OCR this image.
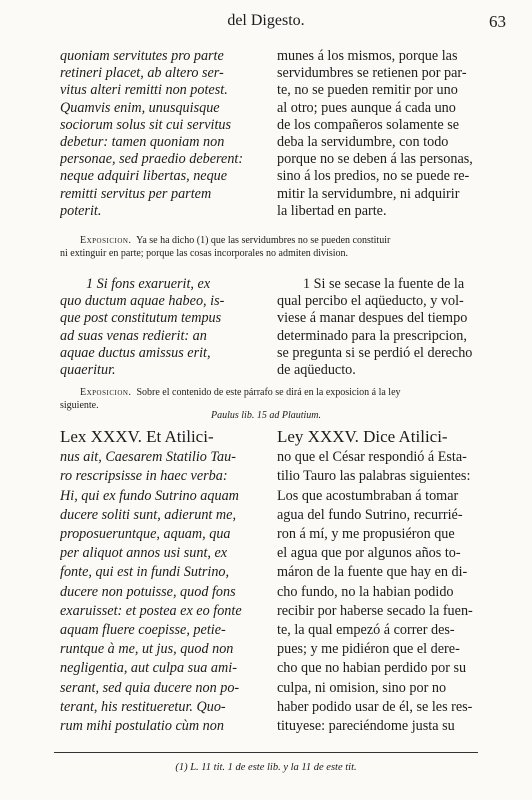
del Digesto.	63
quoniam servitutes pro parte
retineri placet, ab altero ser-
vitus alteri remitti non potest.
Quamvis enim, unusquisque
sociorum solus sit cui servitus
debetur: tamen quoniam non
personae, sed praedio deberent:
neque adquiri libertas, neque
remitti servitus per partem
poterit.
munes á los mismos, porque las
servidumbres se retienen por par-
te, no se pueden remitir por uno
al otro; pues aunque á cada uno
de los compañeros solamente se
deba la servidumbre, con todo
porque no se deben á las personas,
sino á los predios, no se puede re-
mitir la servidumbre, ni adquirir
la libertad en parte.
Exposicion. Ya se ha dicho (1) que las servidumbres no se pueden constituir
ni extinguir en parte; porque las cosas incorporales no admiten division.
1 Si fons exaruerit, ex
quo ductum aquae habeo, is-
que post constitutum tempus
ad suas venas redierit: an
aquae ductus amissus erit,
quaeritur.
1 Si se secase la fuente de la
qual percibo el aqüeducto, y vol-
viese á manar despues del tiempo
determinado para la prescripcion,
se pregunta si se perdió el derecho
de aqüeducto.
Exposicion. Sobre el contenido de este párrafo se dirá en la exposicion á la ley
siguiente.
Paulus lib. 15 ad Plautium.
Lex XXXV. Et Atilici-
nus ait, Caesarem Statilio Tau-
ro rescripsisse in haec verba:
Hi, qui ex fundo Sutrino aquam
ducere soliti sunt, adierunt me,
proposueruntque, aquam, qua
per aliquot annos usi sunt, ex
fonte, qui est in fundi Sutrino,
ducere non potuisse, quod fons
exaruisset: et postea ex eo fonte
aquam fluere coepisse, petie-
runtque à me, ut jus, quod non
negligentia, aut culpa sua ami-
serant, sed quia ducere non po-
terant, his restitueretur. Quo-
rum mihi postulatio cùm non
Ley XXXV. Dice Atilici-
no que el César respondió á Esta-
tilio Tauro las palabras siguientes:
Los que acostumbraban á tomar
agua del fundo Sutrino, recurrié-
ron á mí, y me propusiéron que
el agua que por algunos años to-
máron de la fuente que hay en di-
cho fundo, no la habian podido
recibir por haberse secado la fuen-
te, la qual empezó á correr des-
pues; y me pidiéron que el dere-
cho que no habian perdido por su
culpa, ni omision, sino por no
haber podido usar de él, se les res-
tituyese: pareciéndome justa su
(1) L. 11 tit. 1 de este lib. y la 11 de este tit.
